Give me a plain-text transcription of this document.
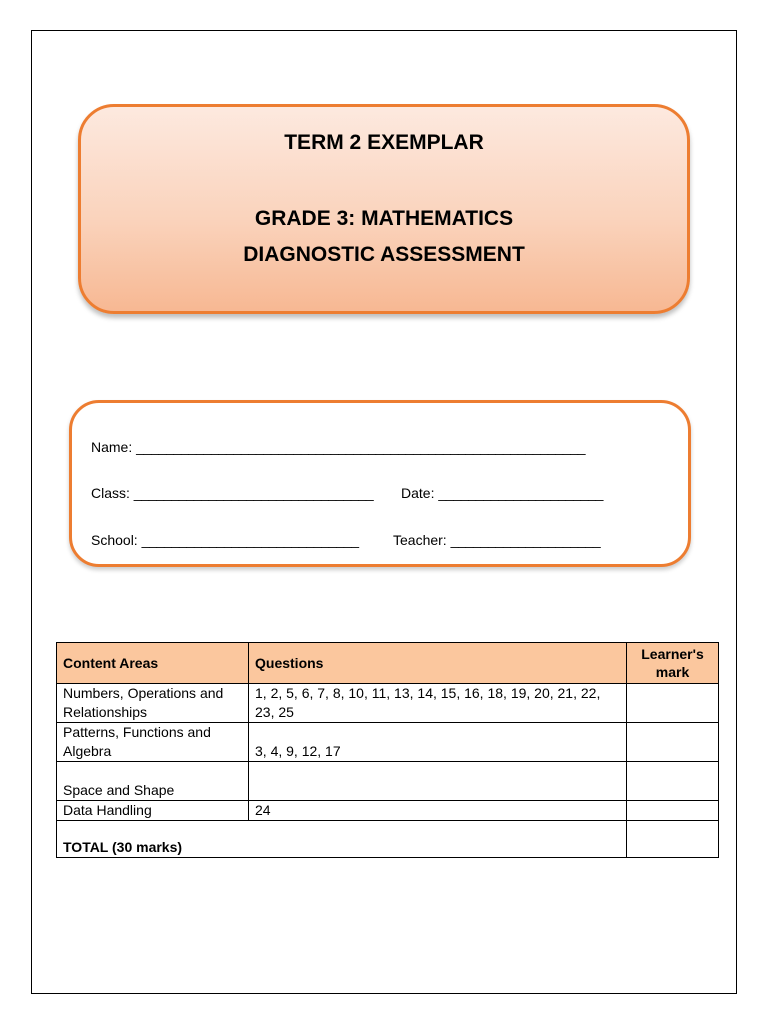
TERM 2 EXEMPLAR
GRADE 3: MATHEMATICS
DIAGNOSTIC ASSESSMENT
Name: ____________________________________________________________
Class: ________________________________ Date: ______________________
School: _____________________________ Teacher: ____________________
Content Areas	Questions	Learner's mark
Numbers, Operations and Relationships	1, 2, 5, 6, 7, 8, 10, 11, 13, 14, 15, 16, 18, 19, 20, 21, 22, 23, 25	
Patterns, Functions and Algebra	3, 4, 9, 12, 17	
Space and Shape		
Data Handling	24	
TOTAL (30 marks)		
